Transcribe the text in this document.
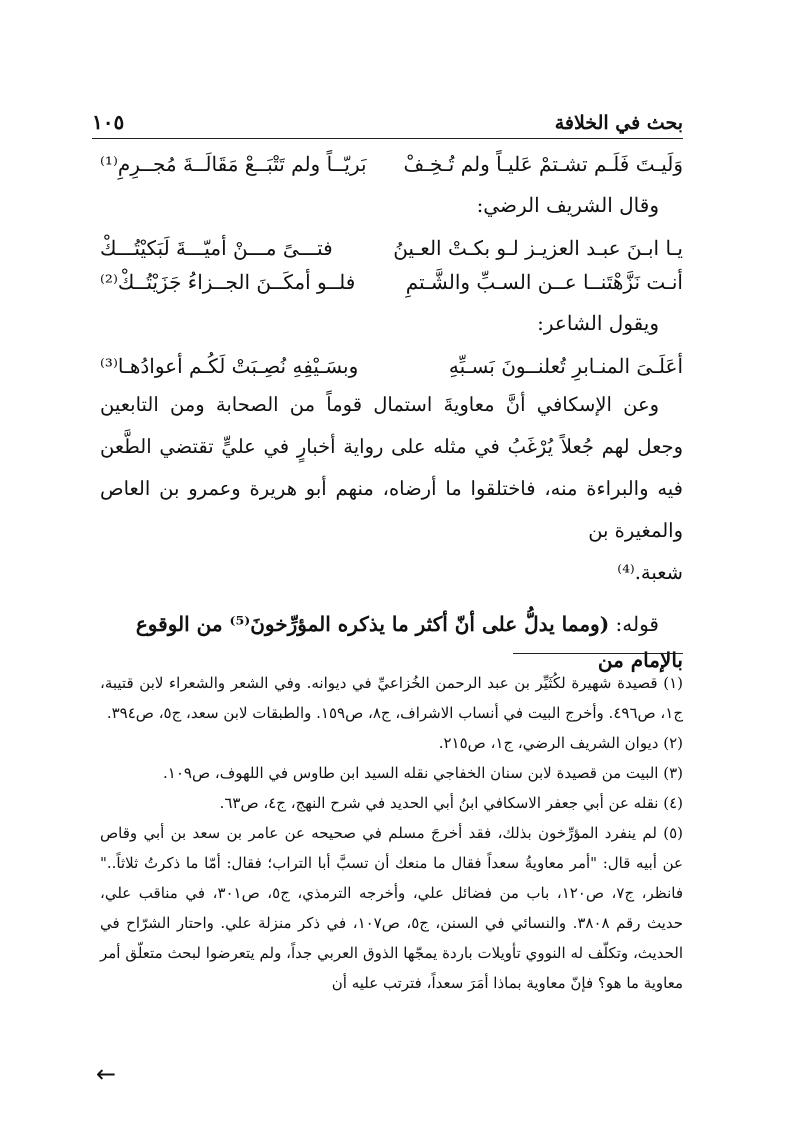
بحث في الخلافة
١٠٥
وَلَيـتَ فَلَـم تشـتمْ عَليـاً ولم تُـخِـفْ
بَريّــاً ولم تَتْبَــعْ مَقَالَــةَ مُجــرِمِ⁽¹⁾
وقال الشريف الرضي:
يـا ابـنَ عبـد العزيـز لـو بكـتْ العـينُ
فتـــىً مـــنْ أميّـــةَ لَبَكيْتُـــكْ
أنـت نَزَّهْتَنــا عــن السـبِّ والشَّـتمِ
فلــو أمكَــنَ الجــزاءُ جَزَيْتُــكْ⁽²⁾
ويقول الشاعر:
أعَلَـىَ المنـابرِ تُعلنــونَ بَسـبِّهِ
وبسَـيْفِهِ نُصِـبَتْ لَكُـم أعوادُهـا⁽³⁾

وعن الإسكافي أنَّ معاويةَ استمال قوماً من الصحابة ومن التابعين وجعل لهم جُعلاً يُرْغَبُ في مثله على رواية أخبارٍ في عليٍّ تقتضي الطَّعن فيه والبراءة منه، فاختلقوا ما أرضاه، منهم أبو هريرة وعمرو بن العاص والمغيرة بن
شعبة.⁽⁴⁾

قوله: (ومما يدلُّ على أنّ أكثر ما يذكره المؤرِّخونَ⁽⁵⁾ من الوقوع بالإمام من

(١) قصيدة شهيرة لكُثَيِّر بن عبد الرحمن الخُزاعيِّ في ديوانه. وفي الشعر والشعراء لابن قتيبة، ج١، ص٤٩٦. وأخرج البيت في أنساب الاشراف، ج٨، ص١٥٩. والطبقات لابن سعد، ج٥، ص٣٩٤.

(٢) ديوان الشريف الرضي، ج١، ص٢١٥.

(٣) البيت من قصيدة لابن سنان الخفاجي نقله السيد ابن طاوس في اللهوف، ص١٠٩.

(٤) نقله عن أبي جعفر الاسكافي ابنُ أبي الحديد في شرح النهج، ج٤، ص٦٣.

(٥) لم ينفرد المؤرِّخون بذلك، فقد أخرجَ مسلم في صحيحه عن عامر بن سعد بن أبي وقاص عن أبيه قال: "أمر معاويةُ سعداً فقال ما منعك أن تسبَّ أبا التراب؛ فقال: أمّا ما ذكرتُ ثلاثاً.." فانظر، ج٧، ص١٢٠، باب من فضائل علي، وأخرجه الترمذي، ج٥، ص٣٠١، في مناقب علي، حديث رقم ٣٨٠٨. والنسائي في السنن، ج٥، ص١٠٧، في ذكر منزلة علي. واحتار الشرّاح في الحديث، وتكلّف له النووي تأويلات باردة يمجّها الذوق العربي جداً، ولم يتعرضوا لبحث متعلّق أمر معاوية ما هو؟ فإنّ معاوية بماذا أمَرَ سعداً، فترتب عليه أن

←
